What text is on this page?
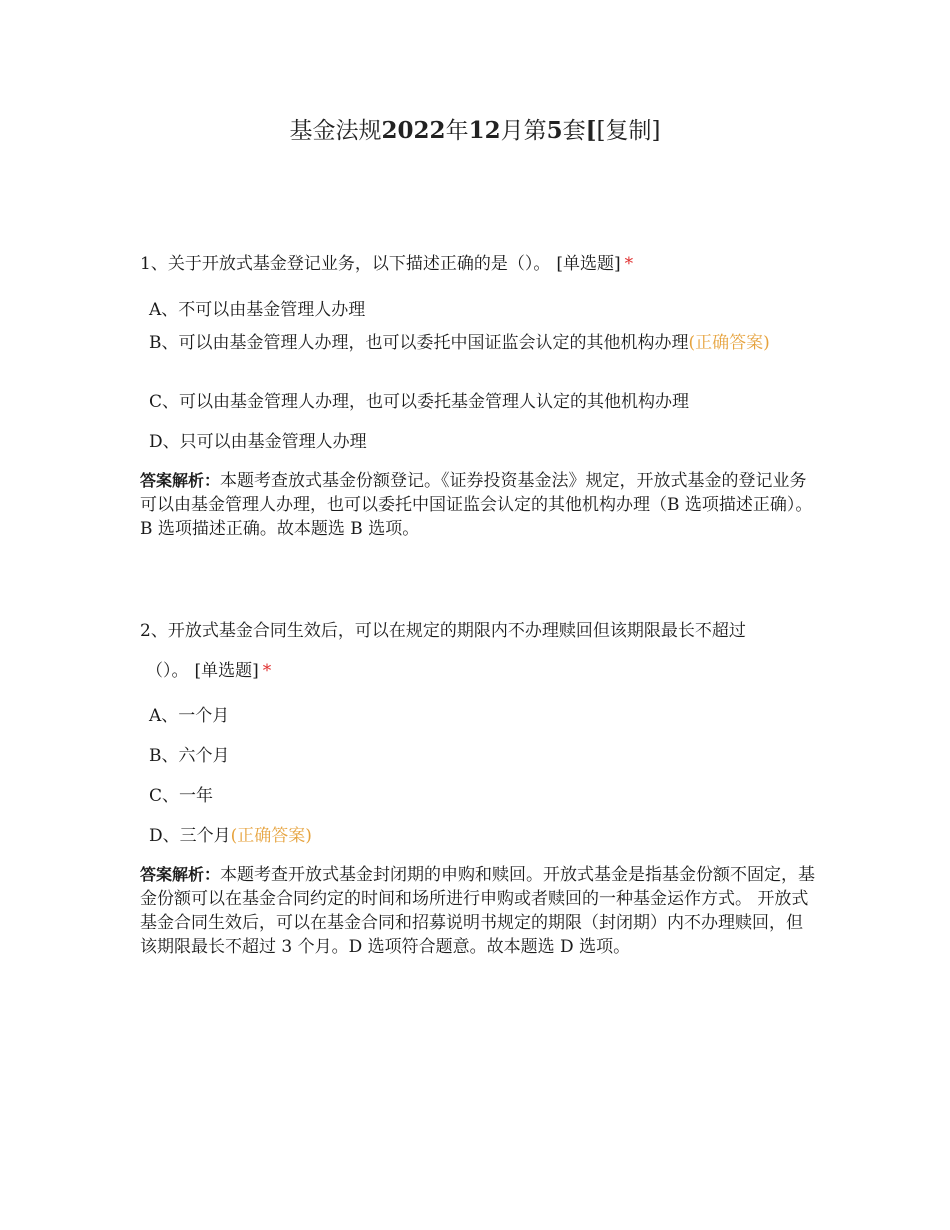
基金法规2022年12月第5套[[复制]
1、关于开放式基金登记业务，以下描述正确的是（）。 [单选题] *
A、不可以由基金管理人办理
B、可以由基金管理人办理，也可以委托中国证监会认定的其他机构办理(正确答案)
C、可以由基金管理人办理，也可以委托基金管理人认定的其他机构办理
D、只可以由基金管理人办理
答案解析：本题考查放式基金份额登记。《证券投资基金法》规定，开放式基金的登记业务可以由基金管理人办理，也可以委托中国证监会认定的其他机构办理（B 选项描述正确）。B 选项描述正确。故本题选 B 选项。
2、开放式基金合同生效后，可以在规定的期限内不办理赎回但该期限最长不超过
（）。 [单选题] *
A、一个月
B、六个月
C、一年
D、三个月(正确答案)
答案解析：本题考查开放式基金封闭期的申购和赎回。开放式基金是指基金份额不固定，基金份额可以在基金合同约定的时间和场所进行申购或者赎回的一种基金运作方式。 开放式基金合同生效后，可以在基金合同和招募说明书规定的期限（封闭期）内不办理赎回，但该期限最长不超过 3 个月。D 选项符合题意。故本题选 D 选项。
